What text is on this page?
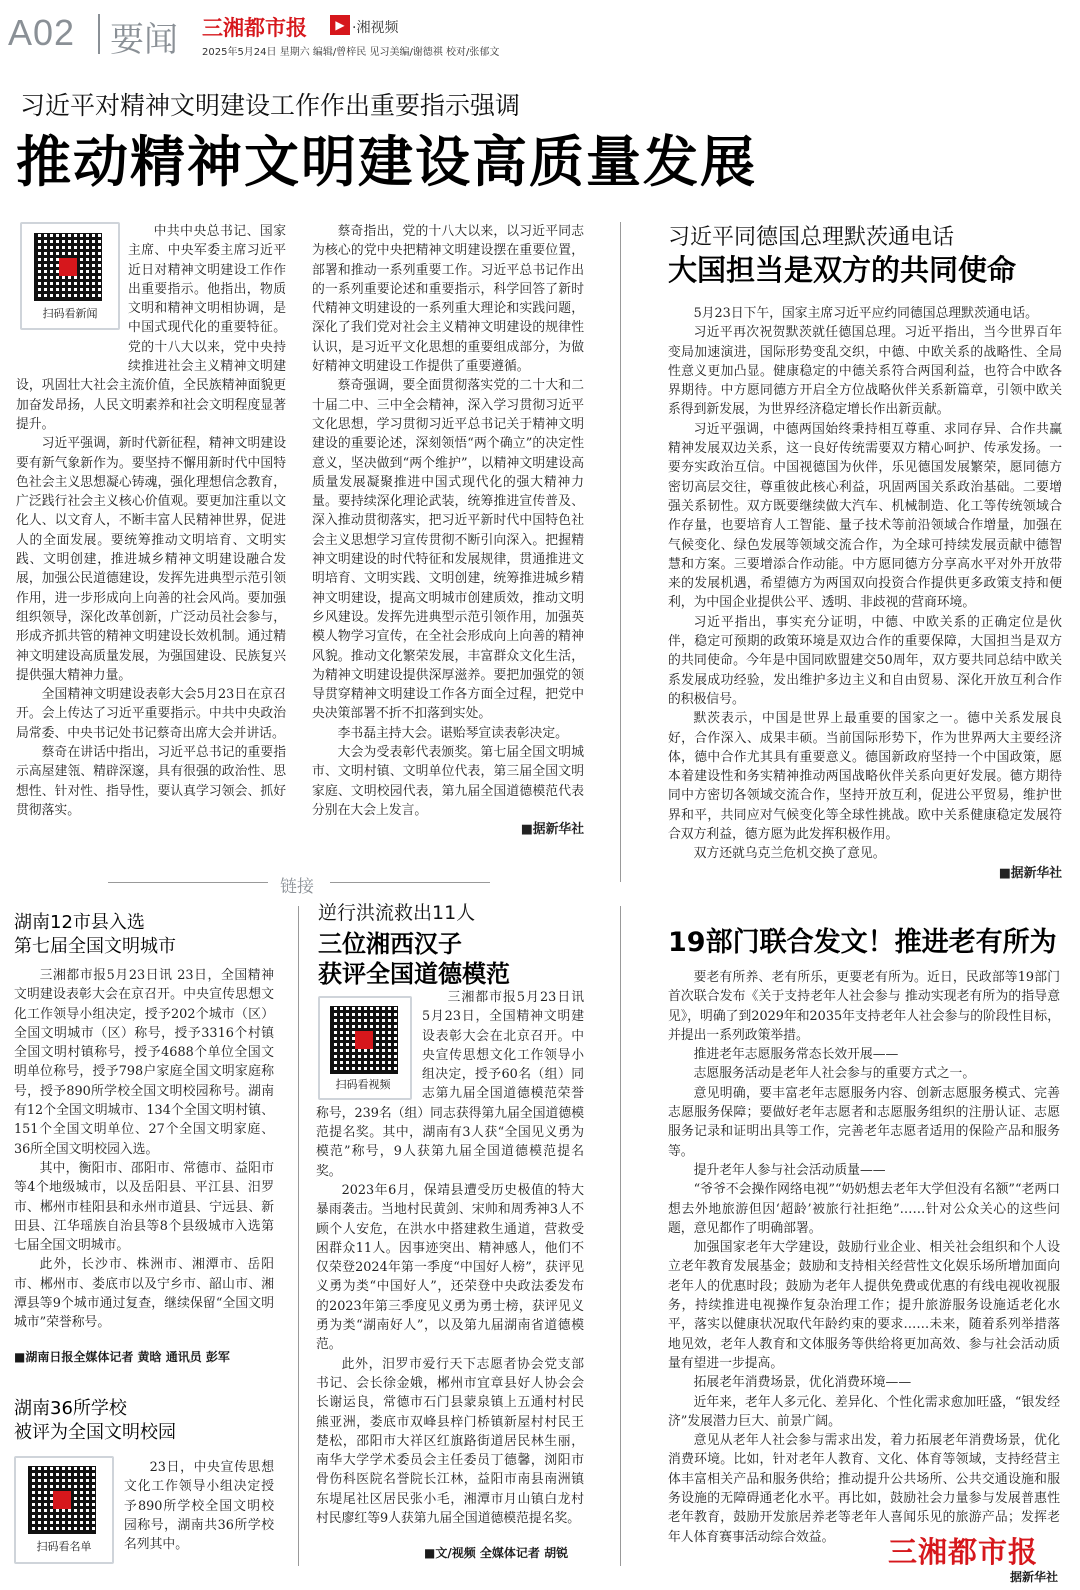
A02 要闻 三湘都市报	▶ ·湘视频
2025年5月24日 星期六 编辑/曾梓民 见习美编/谢德祺 校对/张郁文
习近平对精神文明建设工作作出重要指示强调
推动精神文明建设高质量发展
扫码看新闻

中共中央总书记、国家主席、中央军委主席习近平近日对精神文明建设工作作出重要指示。他指出，物质文明和精神文明相协调，是中国式现代化的重要特征。党的十八大以来，党中央持续推进社会主义精神文明建设，巩固壮大社会主流价值，全民族精神面貌更加奋发昂扬，人民文明素养和社会文明程度显著提升。

习近平强调，新时代新征程，精神文明建设要有新气象新作为。要坚持不懈用新时代中国特色社会主义思想凝心铸魂，强化理想信念教育，广泛践行社会主义核心价值观。要更加注重以文化人、以文育人，不断丰富人民精神世界，促进人的全面发展。要统筹推动文明培育、文明实践、文明创建，推进城乡精神文明建设融合发展，加强公民道德建设，发挥先进典型示范引领作用，进一步形成向上向善的社会风尚。要加强组织领导，深化改革创新，广泛动员社会参与，形成齐抓共管的精神文明建设长效机制。通过精神文明建设高质量发展，为强国建设、民族复兴提供强大精神力量。

全国精神文明建设表彰大会5月23日在京召开。会上传达了习近平重要指示。中共中央政治局常委、中央书记处书记蔡奇出席大会并讲话。

蔡奇在讲话中指出，习近平总书记的重要指示高屋建瓴、精辟深邃，具有很强的政治性、思想性、针对性、指导性，要认真学习领会、抓好贯彻落实。

蔡奇指出，党的十八大以来，以习近平同志为核心的党中央把精神文明建设摆在重要位置，部署和推动一系列重要工作。习近平总书记作出的一系列重要论述和重要指示，科学回答了新时代精神文明建设的一系列重大理论和实践问题，深化了我们党对社会主义精神文明建设的规律性认识，是习近平文化思想的重要组成部分，为做好精神文明建设工作提供了重要遵循。

蔡奇强调，要全面贯彻落实党的二十大和二十届二中、三中全会精神，深入学习贯彻习近平文化思想，学习贯彻习近平总书记关于精神文明建设的重要论述，深刻领悟“两个确立”的决定性意义，坚决做到“两个维护”，以精神文明建设高质量发展凝聚推进中国式现代化的强大精神力量。要持续深化理论武装，统筹推进宣传普及、深入推动贯彻落实，把习近平新时代中国特色社会主义思想学习宣传贯彻不断引向深入。把握精神文明建设的时代特征和发展规律，贯通推进文明培育、文明实践、文明创建，统筹推进城乡精神文明建设，提高文明城市创建质效，推动文明乡风建设。发挥先进典型示范引领作用，加强英模人物学习宣传，在全社会形成向上向善的精神风貌。推动文化繁荣发展，丰富群众文化生活，为精神文明建设提供深厚滋养。要把加强党的领导贯穿精神文明建设工作各方面全过程，把党中央决策部署不折不扣落到实处。

李书磊主持大会。谌贻琴宣读表彰决定。

大会为受表彰代表颁奖。第七届全国文明城市、文明村镇、文明单位代表，第三届全国文明家庭、文明校园代表，第九届全国道德模范代表分别在大会上发言。

■据新华社

习近平同德国总理默茨通电话
大国担当是双方的共同使命

5月23日下午，国家主席习近平应约同德国总理默茨通电话。

习近平再次祝贺默茨就任德国总理。习近平指出，当今世界百年变局加速演进，国际形势变乱交织，中德、中欧关系的战略性、全局性意义更加凸显。健康稳定的中德关系符合两国利益，也符合中欧各界期待。中方愿同德方开启全方位战略伙伴关系新篇章，引领中欧关系得到新发展，为世界经济稳定增长作出新贡献。

习近平强调，中德两国始终秉持相互尊重、求同存异、合作共赢精神发展双边关系，这一良好传统需要双方精心呵护、传承发扬。一要夯实政治互信。中国视德国为伙伴，乐见德国发展繁荣，愿同德方密切高层交往，尊重彼此核心利益，巩固两国关系政治基础。二要增强关系韧性。双方既要继续做大汽车、机械制造、化工等传统领域合作存量，也要培育人工智能、量子技术等前沿领域合作增量，加强在气候变化、绿色发展等领域交流合作，为全球可持续发展贡献中德智慧和方案。三要增添合作动能。中方愿同德方分享高水平对外开放带来的发展机遇，希望德方为两国双向投资合作提供更多政策支持和便利，为中国企业提供公平、透明、非歧视的营商环境。

习近平指出，事实充分证明，中德、中欧关系的正确定位是伙伴，稳定可预期的政策环境是双边合作的重要保障，大国担当是双方的共同使命。今年是中国同欧盟建交50周年，双方要共同总结中欧关系发展成功经验，发出维护多边主义和自由贸易、深化开放互利合作的积极信号。

默茨表示，中国是世界上最重要的国家之一。德中关系发展良好，合作深入、成果丰硕。当前国际形势下，作为世界两大主要经济体，德中合作尤其具有重要意义。德国新政府坚持一个中国政策，愿本着建设性和务实精神推动两国战略伙伴关系向更好发展。德方期待同中方密切各领域交流合作，坚持开放互利，促进公平贸易，维护世界和平，共同应对气候变化等全球性挑战。欧中关系健康稳定发展符合双方利益，德方愿为此发挥积极作用。

双方还就乌克兰危机交换了意见。

■据新华社

链接
湖南12市县入选
第七届全国文明城市

三湘都市报5月23日讯 23日，全国精神文明建设表彰大会在京召开。中央宣传思想文化工作领导小组决定，授予202个城市（区）全国文明城市（区）称号，授予3316个村镇全国文明村镇称号，授予4688个单位全国文明单位称号，授予798户家庭全国文明家庭称号，授予890所学校全国文明校园称号。湖南有12个全国文明城市、134个全国文明村镇、151个全国文明单位、27个全国文明家庭、36所全国文明校园入选。

其中，衡阳市、邵阳市、常德市、益阳市等4个地级城市，以及岳阳县、平江县、汨罗市、郴州市桂阳县和永州市道县、宁远县、新田县、江华瑶族自治县等8个县级城市入选第七届全国文明城市。

此外，长沙市、株洲市、湘潭市、岳阳市、郴州市、娄底市以及宁乡市、韶山市、湘潭县等9个城市通过复查，继续保留“全国文明城市”荣誉称号。

■湖南日报全媒体记者 黄晗 通讯员 彭军
湖南36所学校
被评为全国文明校园
扫码看名单

23日，中央宣传思想文化工作领导小组决定授予890所学校全国文明校园称号，湖南共36所学校名列其中。

逆行洪流救出11人
三位湘西汉子
获评全国道德模范
扫码看视频

三湘都市报5月23日讯 5月23日，全国精神文明建设表彰大会在北京召开。中央宣传思想文化工作领导小组决定，授予60名（组）同志第九届全国道德模范荣誉称号，239名（组）同志获得第九届全国道德模范提名奖。其中，湖南有3人获“全国见义勇为模范”称号，9人获第九届全国道德模范提名奖。

2023年6月，保靖县遭受历史极值的特大暴雨袭击。当地村民黄剑、宋帅和周秀神3人不顾个人安危，在洪水中搭建救生通道，营救受困群众11人。因事迹突出、精神感人，他们不仅荣登2024年第一季度“中国好人榜”，获评见义勇为类“中国好人”，还荣登中央政法委发布的2023年第三季度见义勇为勇士榜，获评见义勇为类“湖南好人”，以及第九届湖南省道德模范。

此外，汨罗市爱行天下志愿者协会党支部书记、会长徐金娥，郴州市宜章县好人协会会长谢运良，常德市石门县蒙泉镇上五通村村民熊亚洲，娄底市双峰县梓门桥镇新屋村村民王楚松，邵阳市大祥区红旗路街道居民林生丽，南华大学学术委员会主任委员丁德馨，浏阳市骨伤科医院名誉院长江林，益阳市南县南洲镇东堤尾社区居民张小毛，湘潭市月山镇白龙村村民廖红等9人获第九届全国道德模范提名奖。

■文/视频 全媒体记者 胡锐
19部门联合发文！推进老有所为

要老有所养、老有所乐，更要老有所为。近日，民政部等19部门首次联合发布《关于支持老年人社会参与 推动实现老有所为的指导意见》，明确了到2029年和2035年支持老年人社会参与的阶段性目标，并提出一系列政策举措。

推进老年志愿服务常态长效开展——

志愿服务活动是老年人社会参与的重要方式之一。

意见明确，要丰富老年志愿服务内容、创新志愿服务模式、完善志愿服务保障；要做好老年志愿者和志愿服务组织的注册认证、志愿服务记录和证明出具等工作，完善老年志愿者适用的保险产品和服务等。

提升老年人参与社会活动质量——

“爷爷不会操作网络电视”“奶奶想去老年大学但没有名额”“老两口想去外地旅游但因‘超龄’被旅行社拒绝”……针对公众关心的这些问题，意见都作了明确部署。

加强国家老年大学建设，鼓励行业企业、相关社会组织和个人设立老年教育发展基金；鼓励和支持相关经营性文化娱乐场所增加面向老年人的优惠时段；鼓励为老年人提供免费或优惠的有线电视收视服务，持续推进电视操作复杂治理工作；提升旅游服务设施适老化水平，落实以健康状况取代年龄约束的要求……未来，随着系列举措落地见效，老年人教育和文体服务等供给将更加高效、参与社会活动质量有望进一步提高。

拓展老年消费场景，优化消费环境——

近年来，老年人多元化、差异化、个性化需求愈加旺盛，“银发经济”发展潜力巨大、前景广阔。

意见从老年人社会参与需求出发，着力拓展老年消费场景，优化消费环境。比如，针对老年人教育、文化、体育等领域，支持经营主体丰富相关产品和服务供给；推动提升公共场所、公共交通设施和服务设施的无障碍通老化水平。再比如，鼓励社会力量参与发展普惠性老年教育，鼓励开发旅居养老等老年人喜闻乐见的旅游产品；发挥老年人体育赛事活动综合效益。	三湘都市报
据新华社
